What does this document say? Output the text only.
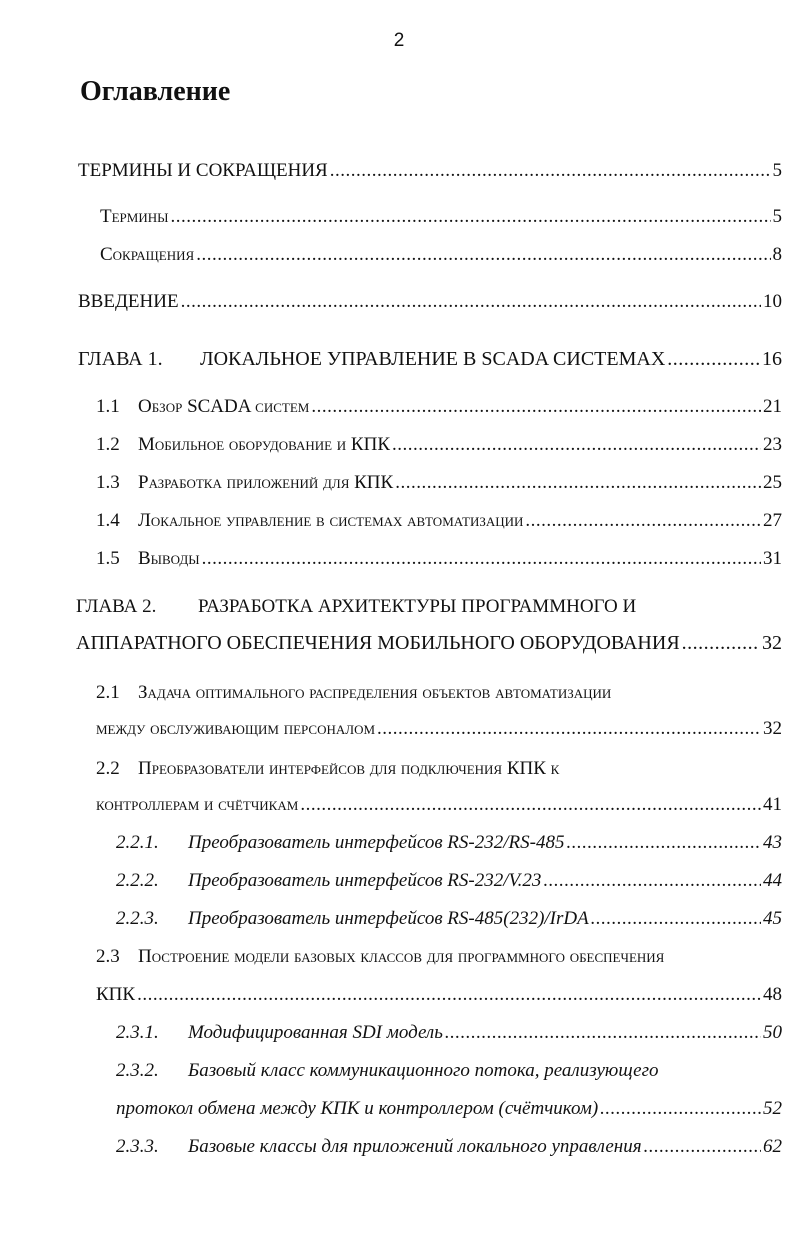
2
Оглавление
ТЕРМИНЫ И СОКРАЩЕНИЯ .....	5
Термины .....	5
Сокращения .....	8
ВВЕДЕНИЕ .....	10
ГЛАВА 1.	ЛОКАЛЬНОЕ УПРАВЛЕНИЕ В SCADA СИСТЕМАХ .....	16
1.1 Обзор SCADA систем .....	21
1.2 Мобильное оборудование и КПК .....	23
1.3 Разработка приложений для КПК .....	25
1.4 Локальное управление в системах автоматизации .....	27
1.5 Выводы .....	31
ГЛАВА 2. РАЗРАБОТКА АРХИТЕКТУРЫ ПРОГРАММНОГО И
АППАРАТНОГО ОБЕСПЕЧЕНИЯ МОБИЛЬНОГО ОБОРУДОВАНИЯ .....	32
2.1 Задача оптимального распределения объектов автоматизации
между обслуживающим персоналом .....	32
2.2 Преобразователи интерфейсов для подключения КПК к
контроллерам и счётчикам .....	41
2.2.1.	Преобразователь интерфейсов RS-232/RS-485 .....	43
2.2.2.	Преобразователь интерфейсов RS-232/V.23 .....	44
2.2.3.	Преобразователь интерфейсов RS-485(232)/IrDA .....	45
2.3 Построение модели базовых классов для программного обеспечения
КПК .....	48
2.3.1.	Модифицированная SDI модель .....	50
2.3.2. Базовый класс коммуникационного потока, реализующего
протокол обмена между КПК и контроллером (счётчиком) .....	52
2.3.3.	Базовые классы для приложений локального управления .....	62
